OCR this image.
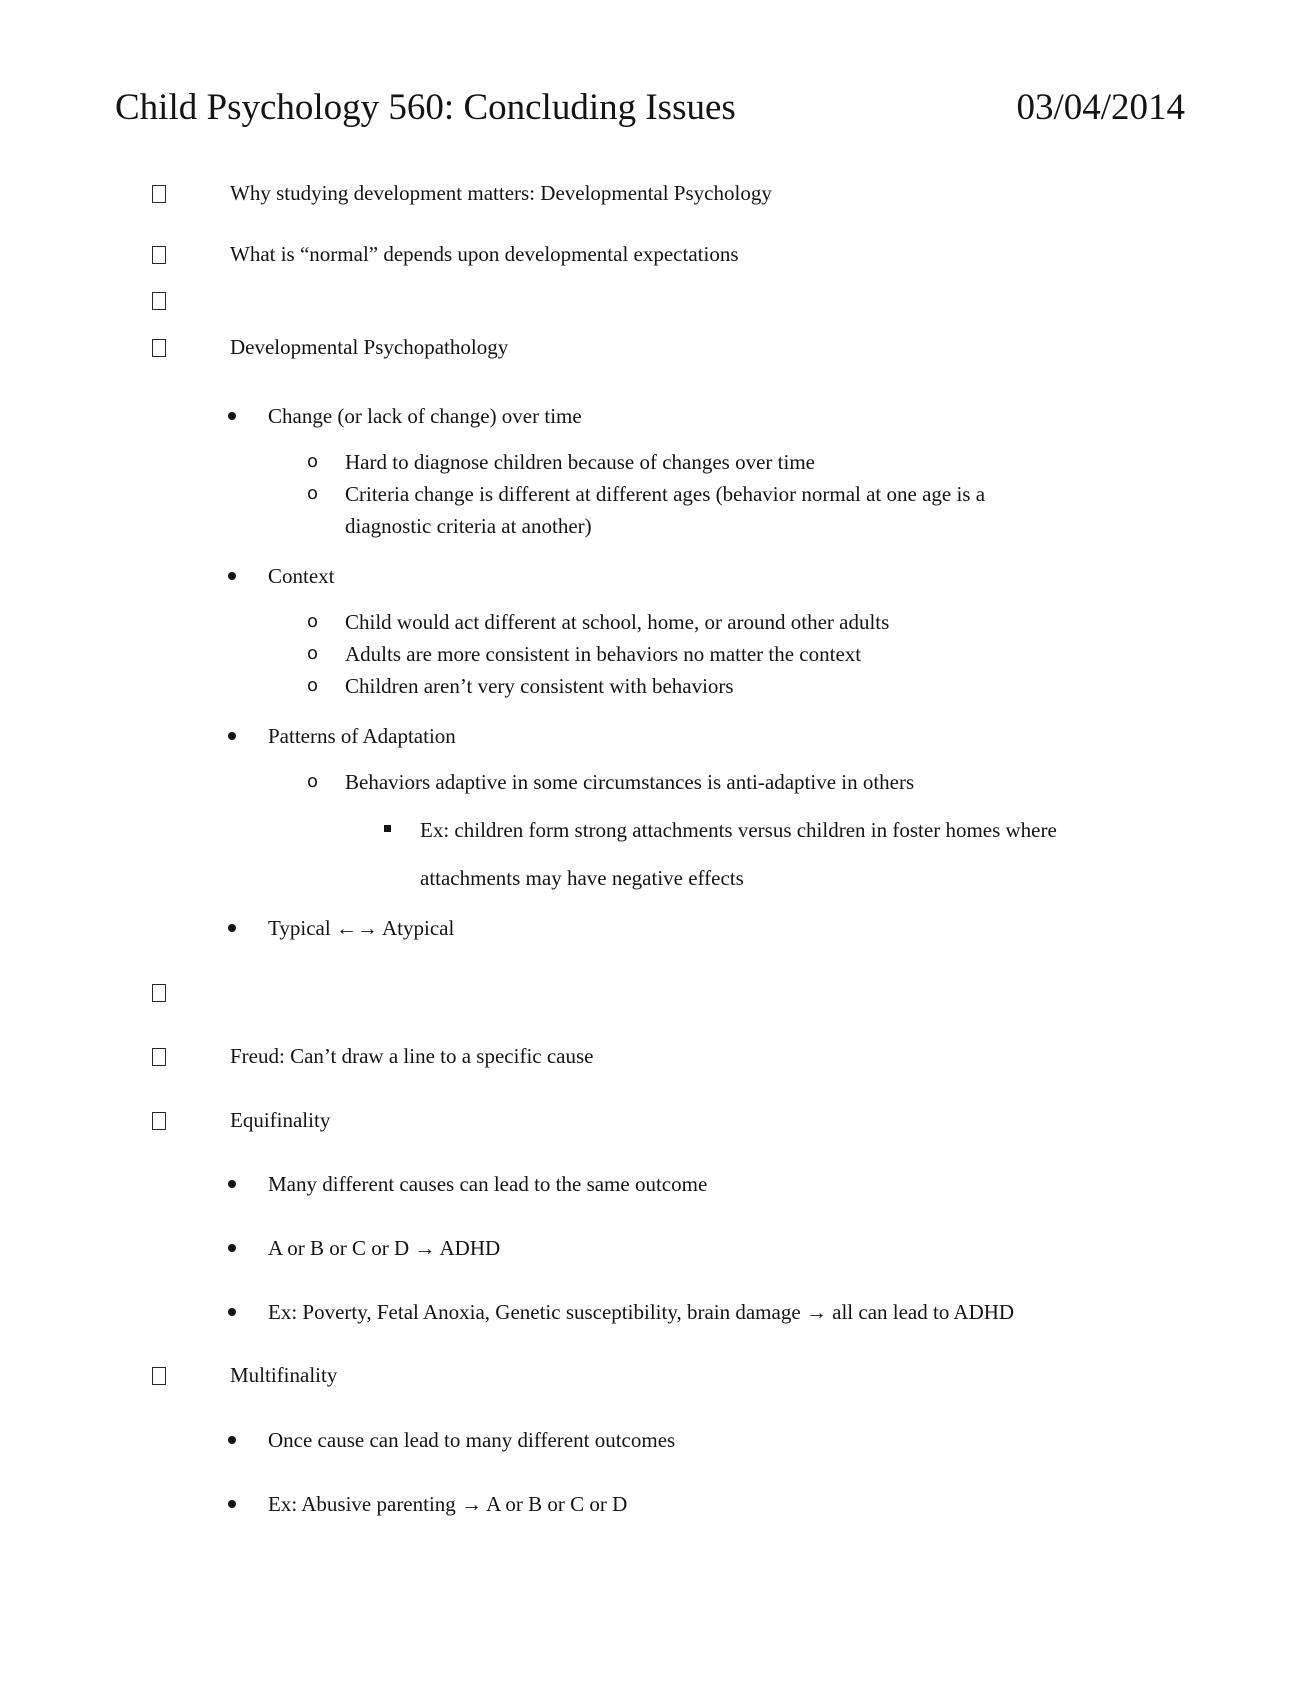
Child Psychology 560: Concluding Issues	03/04/2014
Why studying development matters: Developmental Psychology
What is “normal” depends upon developmental expectations
Developmental Psychopathology
Change (or lack of change) over time
o Hard to diagnose children because of changes over time
o Criteria change is different at different ages (behavior normal at one age is a
diagnostic criteria at another)
Context
o Child would act different at school, home, or around other adults
o Adults are more consistent in behaviors no matter the context
o Children aren’t very consistent with behaviors
Patterns of Adaptation
o Behaviors adaptive in some circumstances is anti-adaptive in others
Ex: children form strong attachments versus children in foster homes where
attachments may have negative effects
Typical ←→ Atypical
Freud: Can’t draw a line to a specific cause
Equifinality
Many different causes can lead to the same outcome
A or B or C or D → ADHD
Ex: Poverty, Fetal Anoxia, Genetic susceptibility, brain damage → all can lead to ADHD
Multifinality
Once cause can lead to many different outcomes
Ex: Abusive parenting → A or B or C or D
